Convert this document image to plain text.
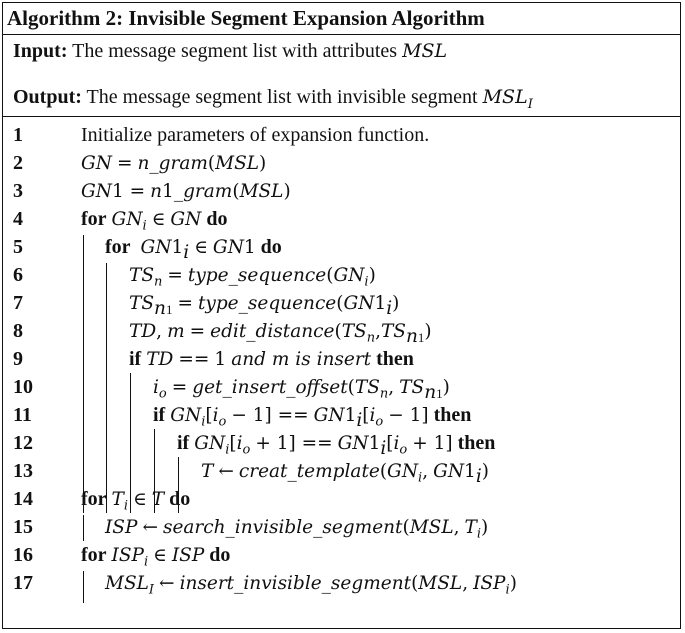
Algorithm 2: Invisible Segment Expansion Algorithm
Input: The message segment list with attributes MSL
Output: The message segment list with invisible segment $MSL_I$
1	Initialize parameters of expansion function.
2	GN = n_gram(MSL)
3	GN1 = n1_gram(MSL)
4	for $GN_i$ ∈ GN do
5	for $GN1_i$ ∈ GN1 do
6	$TS_n$ = $type\_sequence(GN_i)$
7	$TS_{n1}$ = $type\_sequence(GN1_i)$
8	TD, $m = edit\_distance(TS_n,TS_{n1})$
9	if TD == 1 and m is insert then
10	$i_o$ = $get\_insert\_offset(TS_n$, $TS_{n1}$)
11	if $GN_i[i_o - 1] == GN1_i[i_o - 1]$ then
12	if $GN_i[i_o + 1] == GN1_i[i_o + 1]$ then
13	T ← $creat\_template(GN_i$, $GN1_i$)
14 for $T_i$ ∈ T do
15	ISP ← search_invisible_segment(MSL, $T_i$)
16 for $ISP_i$ ∈ ISP do
17	$MSL_I$ ← insert_invisible_segment(MSL, $ISP_i$)
